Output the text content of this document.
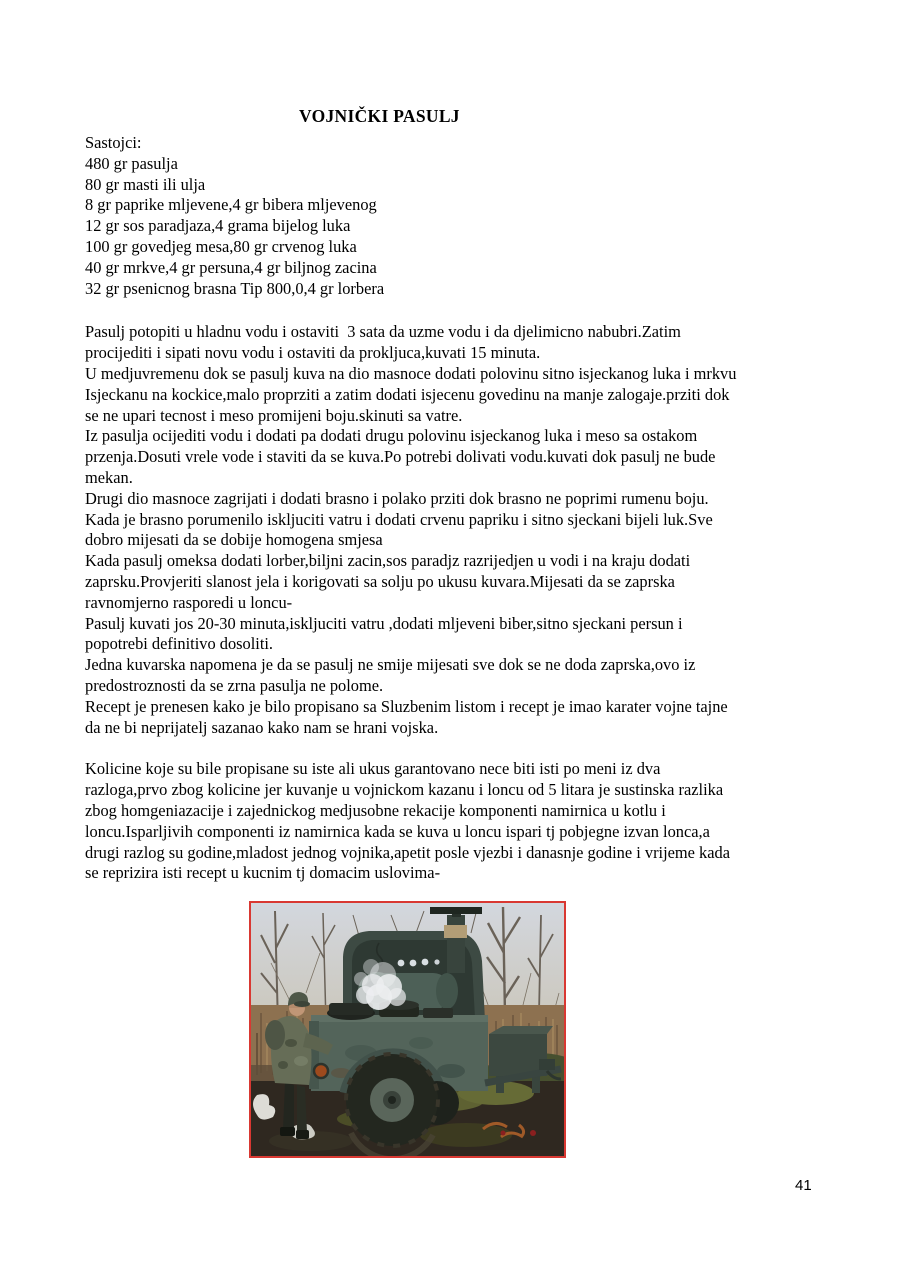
VOJNIČKI PASULJ
Sastojci:
480 gr pasulja
80 gr masti ili ulja
8 gr paprike mljevene,4 gr bibera mljevenog
12 gr sos paradjaza,4 grama bijelog luka
100 gr govedjeg mesa,80 gr crvenog luka
40 gr mrkve,4 gr persuna,4 gr biljnog zacina
32 gr psenicnog brasna Tip 800,0,4 gr lorbera
Pasulj potopiti u hladnu vodu i ostaviti  3 sata da uzme vodu i da djelimicno nabubri.Zatim
procijediti i sipati novu vodu i ostaviti da prokljuca,kuvati 15 minuta.
U medjuvremenu dok se pasulj kuva na dio masnoce dodati polovinu sitno isjeckanog luka i mrkvu
Isjeckanu na kockice,malo proprziti a zatim dodati isjecenu govedinu na manje zalogaje.prziti dok
se ne upari tecnost i meso promijeni boju.skinuti sa vatre.
Iz pasulja ocijediti vodu i dodati pa dodati drugu polovinu isjeckanog luka i meso sa ostakom
przenja.Dosuti vrele vode i staviti da se kuva.Po potrebi dolivati vodu.kuvati dok pasulj ne bude
mekan.
Drugi dio masnoce zagrijati i dodati brasno i polako prziti dok brasno ne poprimi rumenu boju.
Kada je brasno porumenilo iskljuciti vatru i dodati crvenu papriku i sitno sjeckani bijeli luk.Sve
dobro mijesati da se dobije homogena smjesa
Kada pasulj omeksa dodati lorber,biljni zacin,sos paradjz razrijedjen u vodi i na kraju dodati
zaprsku.Provjeriti slanost jela i korigovati sa solju po ukusu kuvara.Mijesati da se zaprska
ravnomjerno rasporedi u loncu-
Pasulj kuvati jos 20-30 minuta,iskljuciti vatru ,dodati mljeveni biber,sitno sjeckani persun i
popotrebi definitivo dosoliti.
Jedna kuvarska napomena je da se pasulj ne smije mijesati sve dok se ne doda zaprska,ovo iz
predostroznosti da se zrna pasulja ne polome.
Recept je prenesen kako je bilo propisano sa Sluzbenim listom i recept je imao karater vojne tajne
da ne bi neprijatelj sazanao kako nam se hrani vojska.
Kolicine koje su bile propisane su iste ali ukus garantovano nece biti isti po meni iz dva
razloga,prvo zbog kolicine jer kuvanje u vojnickom kazanu i loncu od 5 litara je sustinska razlika
zbog homgeniazacije i zajednickog medjusobne rekacije komponenti namirnica u kotlu i
loncu.Isparljivih componenti iz namirnica kada se kuva u loncu ispari tj pobjegne izvan lonca,a
drugi razlog su godine,mladost jednog vojnika,apetit posle vjezbi i danasnje godine i vrijeme kada
se reprizira isti recept u kucnim tj domacim uslovima-
41
